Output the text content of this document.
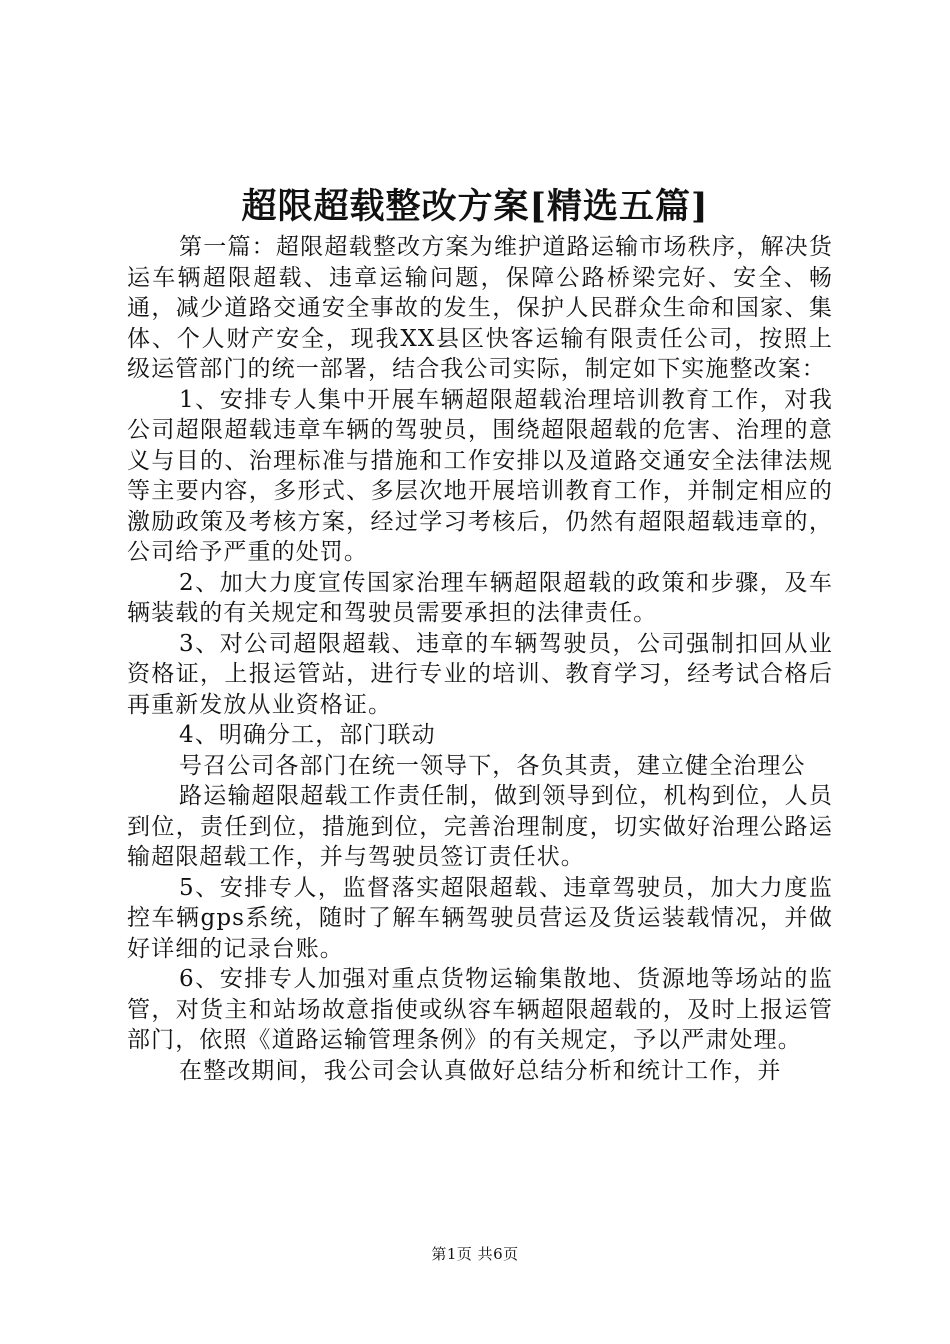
超限超载整改方案[精选五篇]

第一篇：超限超载整改方案为维护道路运输市场秩序，解决货运车辆超限超载、违章运输问题，保障公路桥梁完好、安全、畅通，减少道路交通安全事故的发生，保护人民群众生命和国家、集体、个人财产安全，现我XX县区快客运输有限责任公司，按照上级运管部门的统一部署，结合我公司实际，制定如下实施整改案：

1、安排专人集中开展车辆超限超载治理培训教育工作，对我公司超限超载违章车辆的驾驶员，围绕超限超载的危害、治理的意义与目的、治理标准与措施和工作安排以及道路交通安全法律法规等主要内容，多形式、多层次地开展培训教育工作，并制定相应的激励政策及考核方案，经过学习考核后，仍然有超限超载违章的，公司给予严重的处罚。

2、加大力度宣传国家治理车辆超限超载的政策和步骤，及车辆装载的有关规定和驾驶员需要承担的法律责任。

3、对公司超限超载、违章的车辆驾驶员，公司强制扣回从业资格证，上报运管站，进行专业的培训、教育学习，经考试合格后再重新发放从业资格证。

4、明确分工，部门联动

号召公司各部门在统一领导下，各负其责，建立健全治理公

路运输超限超载工作责任制，做到领导到位，机构到位，人员到位，责任到位，措施到位，完善治理制度，切实做好治理公路运输超限超载工作，并与驾驶员签订责任状。

5、安排专人，监督落实超限超载、违章驾驶员，加大力度监控车辆gps系统，随时了解车辆驾驶员营运及货运装载情况，并做好详细的记录台账。

6、安排专人加强对重点货物运输集散地、货源地等场站的监管，对货主和站场故意指使或纵容车辆超限超载的，及时上报运管部门，依照《道路运输管理条例》的有关规定，予以严肃处理。

在整改期间，我公司会认真做好总结分析和统计工作，并

第1页 共6页
